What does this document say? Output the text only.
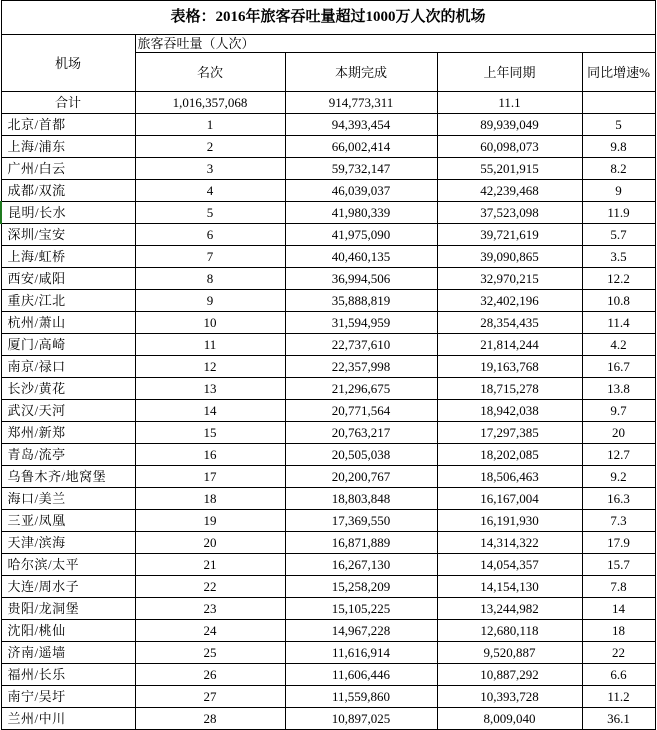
表格：2016年旅客吞吐量超过1000万人次的机场				
机场	旅客吞吐量（人次）			
	名次	本期完成	上年同期	同比增速%
合计	1,016,357,068	914,773,311	11.1	
北京/首都	1	94,393,454	89,939,049	5
上海/浦东	2	66,002,414	60,098,073	9.8
广州/白云	3	59,732,147	55,201,915	8.2
成都/双流	4	46,039,037	42,239,468	9
昆明/长水	5	41,980,339	37,523,098	11.9
深圳/宝安	6	41,975,090	39,721,619	5.7
上海/虹桥	7	40,460,135	39,090,865	3.5
西安/咸阳	8	36,994,506	32,970,215	12.2
重庆/江北	9	35,888,819	32,402,196	10.8
杭州/萧山	10	31,594,959	28,354,435	11.4
厦门/高崎	11	22,737,610	21,814,244	4.2
南京/禄口	12	22,357,998	19,163,768	16.7
长沙/黄花	13	21,296,675	18,715,278	13.8
武汉/天河	14	20,771,564	18,942,038	9.7
郑州/新郑	15	20,763,217	17,297,385	20
青岛/流亭	16	20,505,038	18,202,085	12.7
乌鲁木齐/地窝堡	17	20,200,767	18,506,463	9.2
海口/美兰	18	18,803,848	16,167,004	16.3
三亚/凤凰	19	17,369,550	16,191,930	7.3
天津/滨海	20	16,871,889	14,314,322	17.9
哈尔滨/太平	21	16,267,130	14,054,357	15.7
大连/周水子	22	15,258,209	14,154,130	7.8
贵阳/龙洞堡	23	15,105,225	13,244,982	14
沈阳/桃仙	24	14,967,228	12,680,118	18
济南/遥墙	25	11,616,914	9,520,887	22
福州/长乐	26	11,606,446	10,887,292	6.6
南宁/吴圩	27	11,559,860	10,393,728	11.2
兰州/中川	28	10,897,025	8,009,040	36.1
